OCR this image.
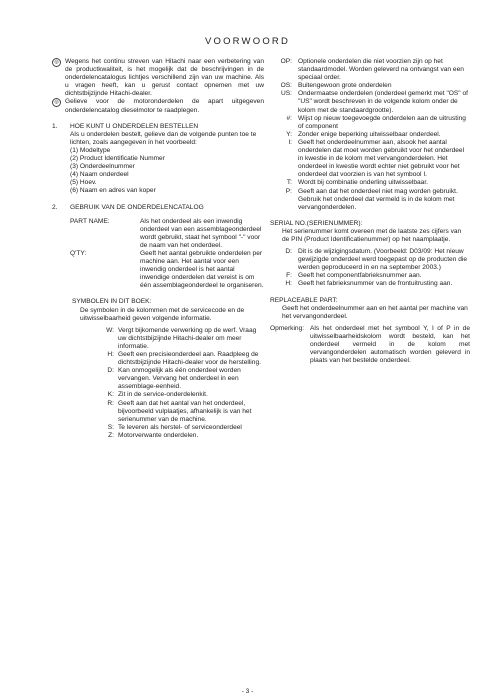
VOORWOORD
◎ Wegens het continu streven van Hitachi naar een verbetering van de productkwaliteit, is het mogelijk dat de beschrijvingen in de onderdelencatalogus lichtjes verschillend zijn van uw machine. Als u vragen heeft, kan u gerust contact opnemen met uw dichtstbijzijnde Hitachi-dealer.
◎ Gelieve voor de motoronderdelen de apart uitgegeven onderdelencatalog dieselmotor te raadplegen.
1.	HOE KUNT U ONDERDELEN BESTELLEN
Als u onderdelen bestelt, gelieve dan de volgende punten toe te lichten, zoals aangegeven in het voorbeeld:
(1) Modeltype
(2) Product Identificatie Nummer
(3) Onderdeelnummer
(4) Naam onderdeel
(5) Hoev.
(6) Naam en adres van koper
2.	GEBRUIK VAN DE ONDERDELENCATALOG
PART NAME:	Als het onderdeel als een inwendig onderdeel van een assemblageonderdeel wordt gebruikt, staat het symbool "-" voor de naam van het onderdeel.
Q'TY:	Geeft het aantal gebruikte onderdelen per machine aan. Het aantal voor een inwendig onderdeel is het aantal inwendige onderdelen dat vereist is om één assemblageonderdeel te organiseren.
SYMBOLEN IN DIT BOEK:
De symbolen in de kolommen met de servicecode en de uitwisselbaarheid geven volgende informatie.
W: Vergt bijkomende verwerking op de werf. Vraag uw dichtstbijzijnde Hitachi-dealer om meer informatie.
H: Geeft een precisieonderdeel aan. Raadpleeg de dichtstbijzijnde Hitachi-dealer voor de herstelling.
D: Kan onmogelijk als één onderdeel worden vervangen. Vervang het onderdeel in een assemblage-eenheid.
K: Zit in de service-onderdelenkit.
R: Geeft aan dat het aantal van het onderdeel, bijvoorbeeld vulplaatjes, afhankelijk is van het serienummer van de machine.
S: Te leveren als herstel- of serviceonderdeel
Z: Motorverwante onderdelen.
OP: Optionele onderdelen die niet voorzien zijn op het standaardmodel. Worden geleverd na ontvangst van een speciaal order.
OS: Buitengewoon grote onderdelen
US: Ondermaatse onderdelen (onderdeel gemerkt met "OS" of "US" wordt beschreven in de volgende kolom onder de kolom met de standaardgrootte).
#: Wijst op nieuw toegevoegde onderdelen aan de uitrusting of component
Y: Zonder enige beperking uitwisselbaar onderdeel.
I: Geeft het onderdeelnummer aan, alsook het aantal onderdelen dat moet worden gebruikt voor het onderdeel in kwestie in de kolom met vervangonderdelen. Het onderdeel in kwestie wordt echter niet gebruikt voor het onderdeel dat voorzien is van het symbool I.
T: Wordt bij combinatie onderling uitwisselbaar.
P: Geeft aan dat het onderdeel niet mag worden gebruikt. Gebruik het onderdeel dat vermeld is in de kolom met vervangonderdelen.
SERIAL NO.(SERIENUMMER):
Het serienummer komt overeen met de laatste zes cijfers van de PIN (Product Identificatienummer) op het naamplaatje.
D: Dit is de wijzigingsdatum. (Voorbeeld: D03/09: Het nieuw gewijzigde onderdeel werd toegepast op de producten die werden geproduceerd in en na september 2003.)
F: Geeft het componentfabrieksnummer aan.
H: Geeft het fabrieksnummer van de frontuitrusting aan.
REPLACEABLE PART:
Geeft het onderdeelnummer aan en het aantal per machine van het vervangonderdeel.
Opmerking: Als het onderdeel met het symbool Y, I of P in de uitwisselbaarheidskolom wordt besteld, kan het onderdeel vermeld in de kolom met vervangonderdelen automatisch worden geleverd in plaats van het bestelde onderdeel.
- 3 -
